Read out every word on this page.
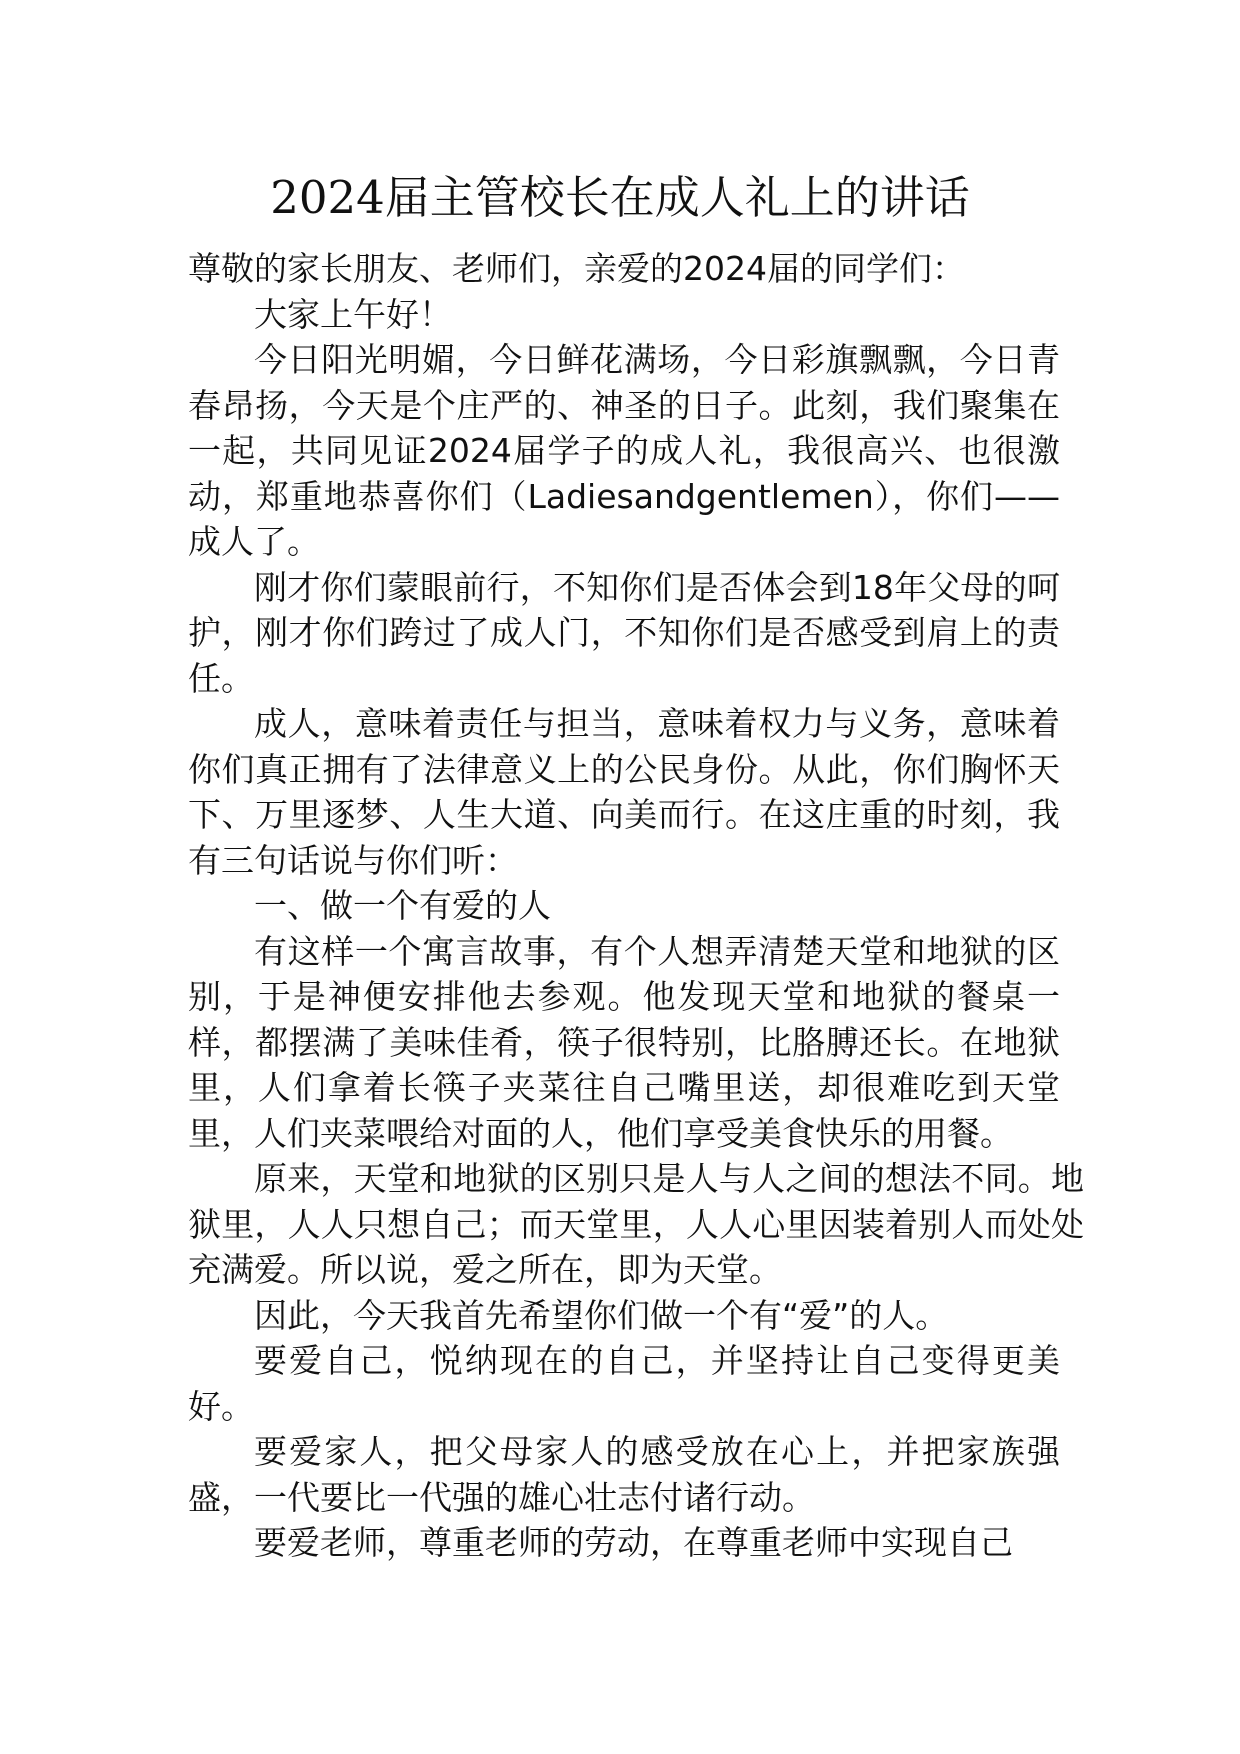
2024届主管校长在成人礼上的讲话

尊敬的家长朋友、老师们，亲爱的2024届的同学们：

大家上午好！

今日阳光明媚，今日鲜花满场，今日彩旗飘飘，今日青春昂扬，今天是个庄严的、神圣的日子。此刻，我们聚集在一起，共同见证2024届学子的成人礼，我很高兴、也很激动，郑重地恭喜你们（Ladiesandgentlemen），你们——成人了。

刚才你们蒙眼前行，不知你们是否体会到18年父母的呵护，刚才你们跨过了成人门，不知你们是否感受到肩上的责任。

成人，意味着责任与担当，意味着权力与义务，意味着你们真正拥有了法律意义上的公民身份。从此，你们胸怀天下、万里逐梦、人生大道、向美而行。在这庄重的时刻，我有三句话说与你们听：

一、做一个有爱的人

有这样一个寓言故事，有个人想弄清楚天堂和地狱的区别，于是神便安排他去参观。他发现天堂和地狱的餐桌一样，都摆满了美味佳肴，筷子很特别，比胳膊还长。在地狱里，人们拿着长筷子夹菜往自己嘴里送，却很难吃到天堂里，人们夹菜喂给对面的人，他们享受美食快乐的用餐。

原来，天堂和地狱的区别只是人与人之间的想法不同。地狱里，人人只想自己；而天堂里，人人心里因装着别人而处处充满爱。所以说，爱之所在，即为天堂。

因此，今天我首先希望你们做一个有“爱”的人。

要爱自己，悦纳现在的自己，并坚持让自己变得更美好。

要爱家人，把父母家人的感受放在心上，并把家族强盛，一代要比一代强的雄心壮志付诸行动。

要爱老师，尊重老师的劳动，在尊重老师中实现自己
